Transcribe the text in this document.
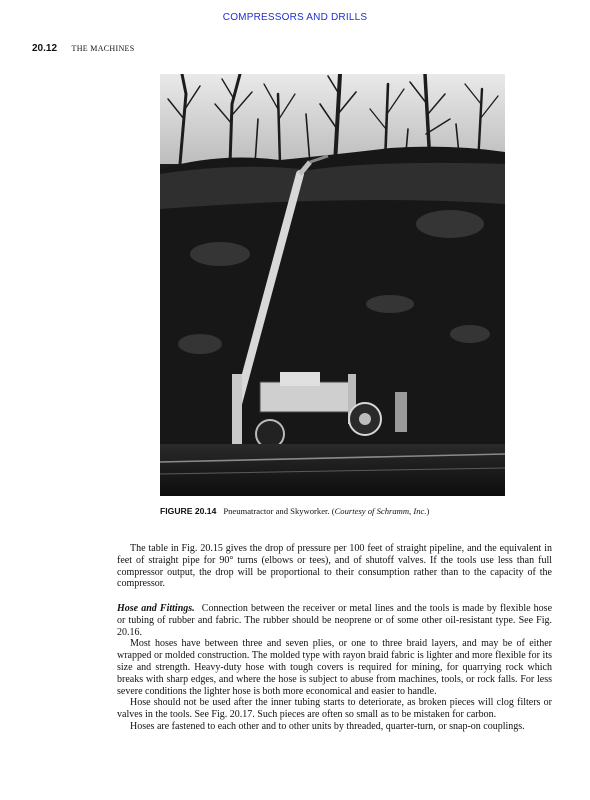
COMPRESSORS AND DRILLS
20.12 THE MACHINES
FIGURE 20.14 Pneumatractor and Skyworker. (Courtesy of Schramm, Inc.)

The table in Fig. 20.15 gives the drop of pressure per 100 feet of straight pipeline, and the equivalent in feet of straight pipe for 90° turns (elbows or tees), and of shutoff valves. If the tools use less than full compressor output, the drop will be proportional to their consumption rather than to the capacity of the compressor.

Hose and Fittings. Connection between the receiver or metal lines and the tools is made by flexible hose or tubing of rubber and fabric. The rubber should be neoprene or of some other oil-resistant type. See Fig. 20.16.

Most hoses have between three and seven plies, or one to three braid layers, and may be of either wrapped or molded construction. The molded type with rayon braid fabric is lighter and more flexible for its size and strength. Heavy-duty hose with tough covers is required for mining, for quarrying rock which breaks with sharp edges, and where the hose is subject to abuse from machines, tools, or rock falls. For less severe conditions the lighter hose is both more economical and easier to handle.

Hose should not be used after the inner tubing starts to deteriorate, as broken pieces will clog filters or valves in the tools. See Fig. 20.17. Such pieces are often so small as to be mistaken for carbon.

Hoses are fastened to each other and to other units by threaded, quarter-turn, or snap-on couplings.
